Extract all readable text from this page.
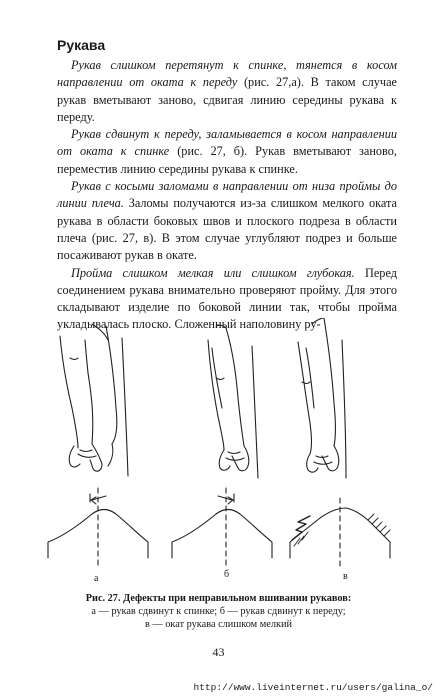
Рукава

Рукав слишком перетянут к спинке, тянется в косом направлении от оката к переду (рис. 27,а). В таком случае рукав вметывают заново, сдвигая линию середины рукава к переду.

Рукав сдвинут к переду, заламывается в косом направлении от оката к спинке (рис. 27, б). Рукав вметывают заново, переместив линию середины рукава к спинке.

Рукав с косыми заломами в направлении от низа проймы до линии плеча. Заломы получаются из-за слишком мелкого оката рукава в области боковых швов и плоского подреза в области плеча (рис. 27, в). В этом случае углубляют подрез и больше посаживают рукав в окате.

Пройма слишком мелкая или слишком глубокая. Перед соединением рукава внимательно проверяют пройму. Для этого складывают изделие по боковой линии так, чтобы пройма укладывалась плоско. Сложенный наполовину ру-

а	б	в
Рис. 27. Дефекты при неправильном вшивании рукавов:
а — рукав сдвинут к спинке; б — рукав сдвинут к переду;
в — окат рукава слишком мелкий
43
http://www.liveinternet.ru/users/galina_o/
